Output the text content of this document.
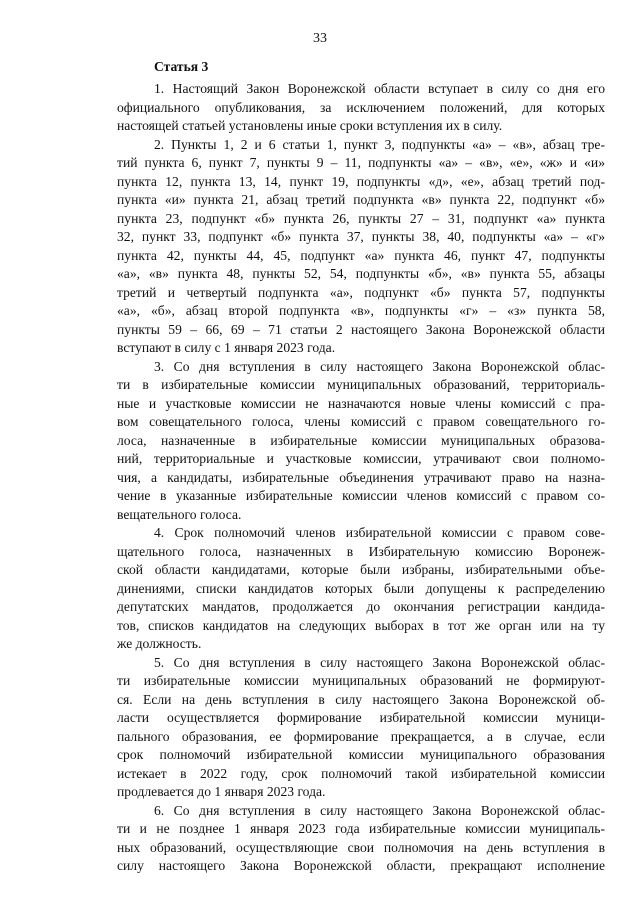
33
Статья 3
1. Настоящий Закон Воронежской области вступает в силу со дня его
официального опубликования, за исключением положений, для которых
настоящей статьей установлены иные сроки вступления их в силу.
2. Пункты 1, 2 и 6 статьи 1, пункт 3, подпункты «а» – «в», абзац тре-
тий пункта 6, пункт 7, пункты 9 – 11, подпункты «а» – «в», «е», «ж» и «и»
пункта 12, пункта 13, 14, пункт 19, подпункты «д», «е», абзац третий под-
пункта «и» пункта 21, абзац третий подпункта «в» пункта 22, подпункт «б»
пункта 23, подпункт «б» пункта 26, пункты 27 – 31, подпункт «а» пункта
32, пункт 33, подпункт «б» пункта 37, пункты 38, 40, подпункты «а» – «г»
пункта 42, пункты 44, 45, подпункт «а» пункта 46, пункт 47, подпункты
«а», «в» пункта 48, пункты 52, 54, подпункты «б», «в» пункта 55, абзацы
третий и четвертый подпункта «а», подпункт «б» пункта 57, подпункты
«а», «б», абзац второй подпункта «в», подпункты «г» – «з» пункта 58,
пункты 59 – 66, 69 – 71 статьи 2 настоящего Закона Воронежской области
вступают в силу с 1 января 2023 года.
3. Со дня вступления в силу настоящего Закона Воронежской облас-
ти в избирательные комиссии муниципальных образований, территориаль-
ные и участковые комиссии не назначаются новые члены комиссий с пра-
вом совещательного голоса, члены комиссий с правом совещательного го-
лоса, назначенные в избирательные комиссии муниципальных образова-
ний, территориальные и участковые комиссии, утрачивают свои полномо-
чия, а кандидаты, избирательные объединения утрачивают право на назна-
чение в указанные избирательные комиссии членов комиссий с правом со-
вещательного голоса.
4. Срок полномочий членов избирательной комиссии с правом сове-
щательного голоса, назначенных в Избирательную комиссию Воронеж-
ской области кандидатами, которые были избраны, избирательными объе-
динениями, списки кандидатов которых были допущены к распределению
депутатских мандатов, продолжается до окончания регистрации кандида-
тов, списков кандидатов на следующих выборах в тот же орган или на ту
же должность.
5. Со дня вступления в силу настоящего Закона Воронежской облас-
ти избирательные комиссии муниципальных образований не формируют-
ся. Если на день вступления в силу настоящего Закона Воронежской об-
ласти осуществляется формирование избирательной комиссии муници-
пального образования, ее формирование прекращается, а в случае, если
срок полномочий избирательной комиссии муниципального образования
истекает в 2022 году, срок полномочий такой избирательной комиссии
продлевается до 1 января 2023 года.
6. Со дня вступления в силу настоящего Закона Воронежской облас-
ти и не позднее 1 января 2023 года избирательные комиссии муниципаль-
ных образований, осуществляющие свои полномочия на день вступления в
силу настоящего Закона Воронежской области, прекращают исполнение
